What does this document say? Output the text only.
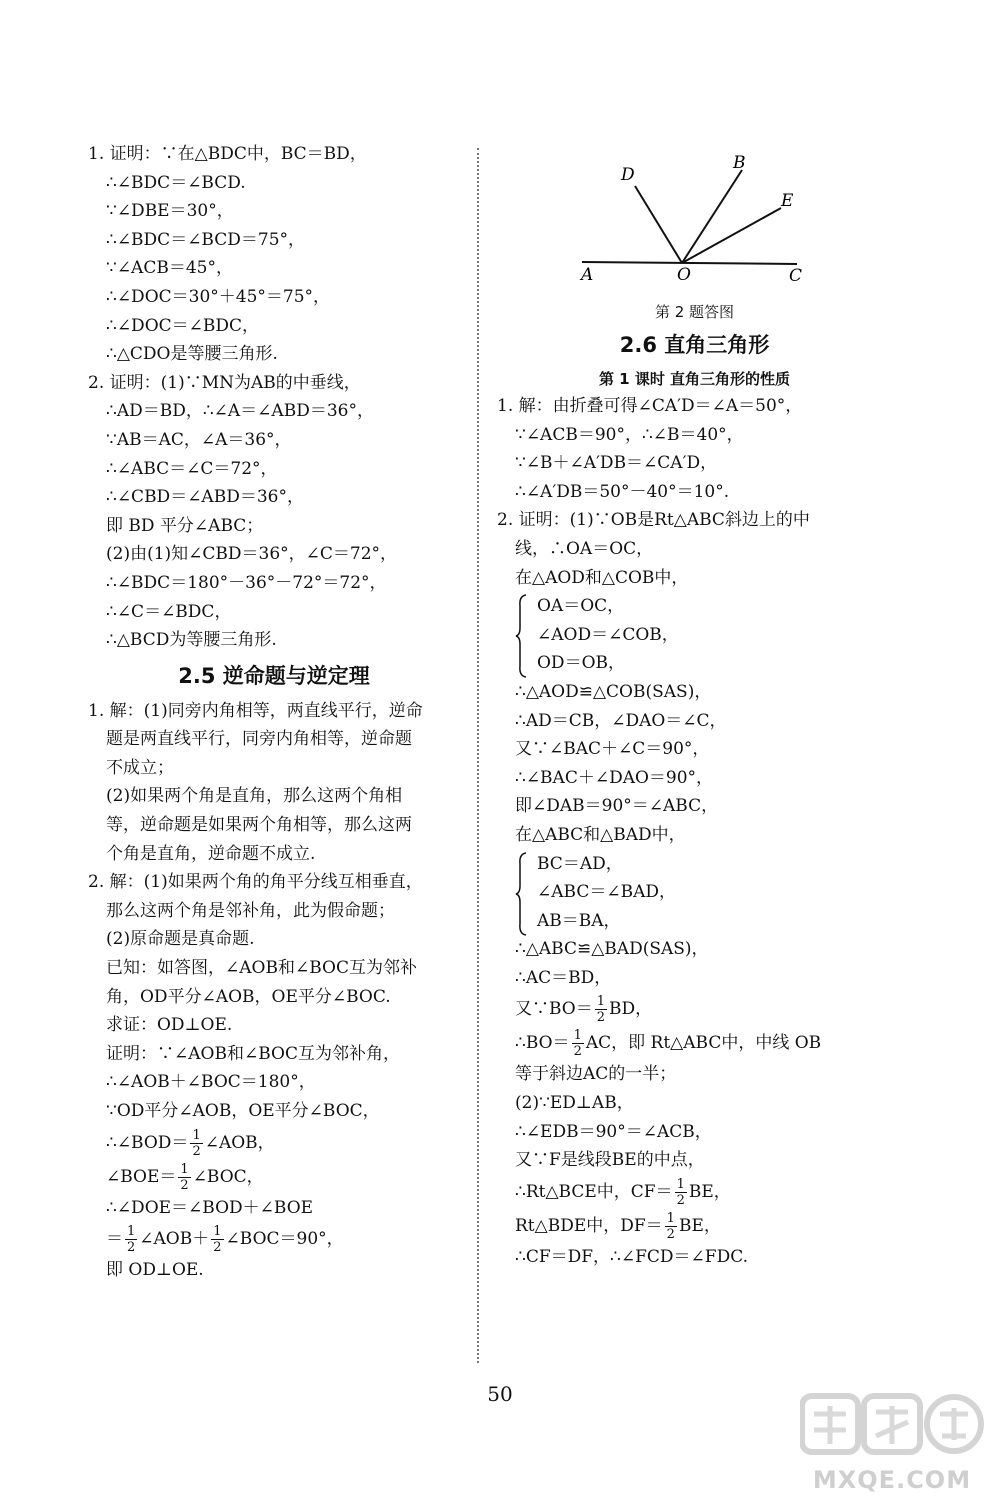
1. 证明：∵在△BDC中，BC＝BD，
∴∠BDC＝∠BCD.
∵∠DBE＝30°，
∴∠BDC＝∠BCD＝75°，
∵∠ACB＝45°，
∴∠DOC＝30°＋45°＝75°，
∴∠DOC＝∠BDC，
∴△CDO是等腰三角形.
2. 证明：(1)∵MN为AB的中垂线，
∴AD＝BD，∴∠A＝∠ABD＝36°，
∵AB＝AC，∠A＝36°，
∴∠ABC＝∠C＝72°，
∴∠CBD＝∠ABD＝36°，
即 BD 平分∠ABC；
(2)由(1)知∠CBD＝36°，∠C＝72°，
∴∠BDC＝180°－36°－72°＝72°，
∴∠C＝∠BDC，
∴△BCD为等腰三角形.
2.5 逆命题与逆定理
1. 解：(1)同旁内角相等，两直线平行，逆命
题是两直线平行，同旁内角相等，逆命题
不成立；
(2)如果两个角是直角，那么这两个角相
等，逆命题是如果两个角相等，那么这两
个角是直角，逆命题不成立.
2. 解：(1)如果两个角的角平分线互相垂直，
那么这两个角是邻补角，此为假命题；
(2)原命题是真命题.
已知：如答图，∠AOB和∠BOC互为邻补
角，OD平分∠AOB，OE平分∠BOC.
求证：OD⊥OE.
证明：∵∠AOB和∠BOC互为邻补角，
∴∠AOB＋∠BOC＝180°，
∵OD平分∠AOB，OE平分∠BOC，
∴∠BOD＝ $\frac{1}{2}$ ∠AOB，
∠BOE＝ $\frac{1}{2}$ ∠BOC，
∴∠DOE＝∠BOD＋∠BOE
＝ $\frac{1}{2}$ ∠AOB＋ $\frac{1}{2}$ ∠BOC＝90°，
即 OD⊥OE.
A	O	C
D
B
E
第 2 题答图
2.6 直角三角形
第 1 课时 直角三角形的性质
1. 解：由折叠可得∠CA′D＝∠A＝50°，
∵∠ACB＝90°，∴∠B＝40°，
∵∠B＋∠A′DB＝∠CA′D，
∴∠A′DB＝50°－40°＝10°.
2. 证明：(1)∵OB是Rt△ABC斜边上的中
线，∴OA＝OC，
在△AOD和△COB中，
OA＝OC，
∠AOD＝∠COB，
OD＝OB，
∴△AOD≌△COB(SAS)，
∴AD＝CB，∠DAO＝∠C，
又∵∠BAC＋∠C＝90°，
∴∠BAC＋∠DAO＝90°，
即∠DAB＝90°＝∠ABC，
在△ABC和△BAD中，
BC＝AD，
∠ABC＝∠BAD，
AB＝BA，
∴△ABC≌△BAD(SAS)，
∴AC＝BD，
又∵BO＝ $\frac{1}{2}$ BD，
∴BO＝ $\frac{1}{2}$ AC，即 Rt△ABC中，中线 OB
等于斜边AC的一半；
(2)∵ED⊥AB，
∴∠EDB＝90°＝∠ACB，
又∵F是线段BE的中点，
∴Rt△BCE中，$CF= \frac{1}{2}$ BE，
Rt△BDE中，$DF= \frac{1}{2}$ BE，
∴CF＝DF，∴∠FCD＝∠FDC.
50
MXQE.COM
